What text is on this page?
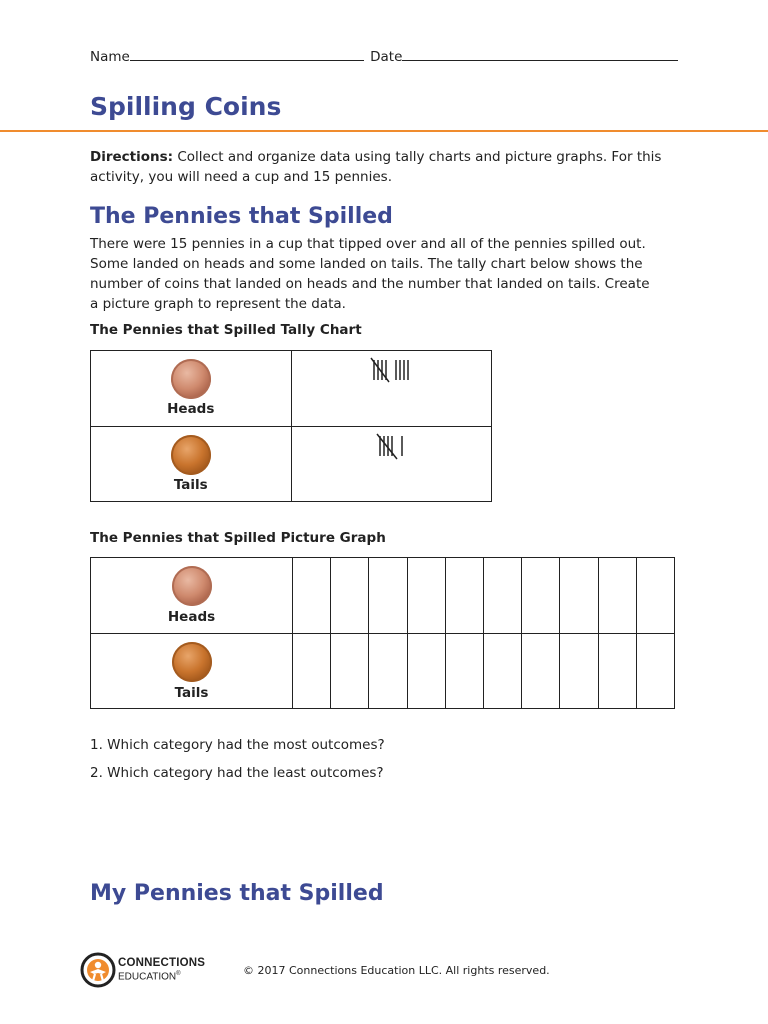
Name	Date
Spilling Coins

Directions: Collect and organize data using tally charts and picture graphs. For this
activity, you will need a cup and 15 pennies.

The Pennies that Spilled

There were 15 pennies in a cup that tipped over and all of the pennies spilled out.
Some landed on heads and some landed on tails. The tally chart below shows the
number of coins that landed on heads and the number that landed on tails. Create
a picture graph to represent the data.

The Pennies that Spilled Tally Chart

Heads

Tails

The Pennies that Spilled Picture Graph

Heads										

Tails										

1. Which category had the most outcomes?

2. Which category had the least outcomes?

My Pennies that Spilled
CONNECTIONS
EDUCATION®	© 2017 Connections Education LLC. All rights reserved.
